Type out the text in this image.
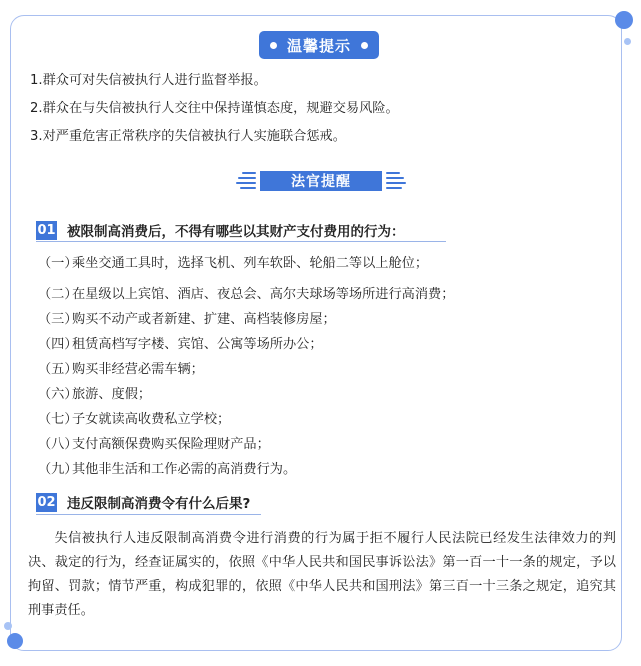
温馨提示
1.群众可对失信被执行人进行监督举报。
2.群众在与失信被执行人交往中保持谨慎态度，规避交易风险。
3.对严重危害正常秩序的失信被执行人实施联合惩戒。
法官提醒
01 被限制高消费后，不得有哪些以其财产支付费用的行为：
（一）乘坐交通工具时，选择飞机、列车软卧、轮船二等以上舱位；
（二）在星级以上宾馆、酒店、夜总会、高尔夫球场等场所进行高消费；
（三）购买不动产或者新建、扩建、高档装修房屋；
（四）租赁高档写字楼、宾馆、公寓等场所办公；
（五）购买非经营必需车辆；
（六）旅游、度假；
（七）子女就读高收费私立学校；
（八）支付高额保费购买保险理财产品；
（九）其他非生活和工作必需的高消费行为。
02 违反限制高消费令有什么后果?
失信被执行人违反限制高消费令进行消费的行为属于拒不履行人民法院已经发生法律效力的判决、裁定的行为，经查证属实的，依照《中华人民共和国民事诉讼法》第一百一十一条的规定，予以拘留、罚款；情节严重，构成犯罪的，依照《中华人民共和国刑法》第三百一十三条之规定，追究其刑事责任。
